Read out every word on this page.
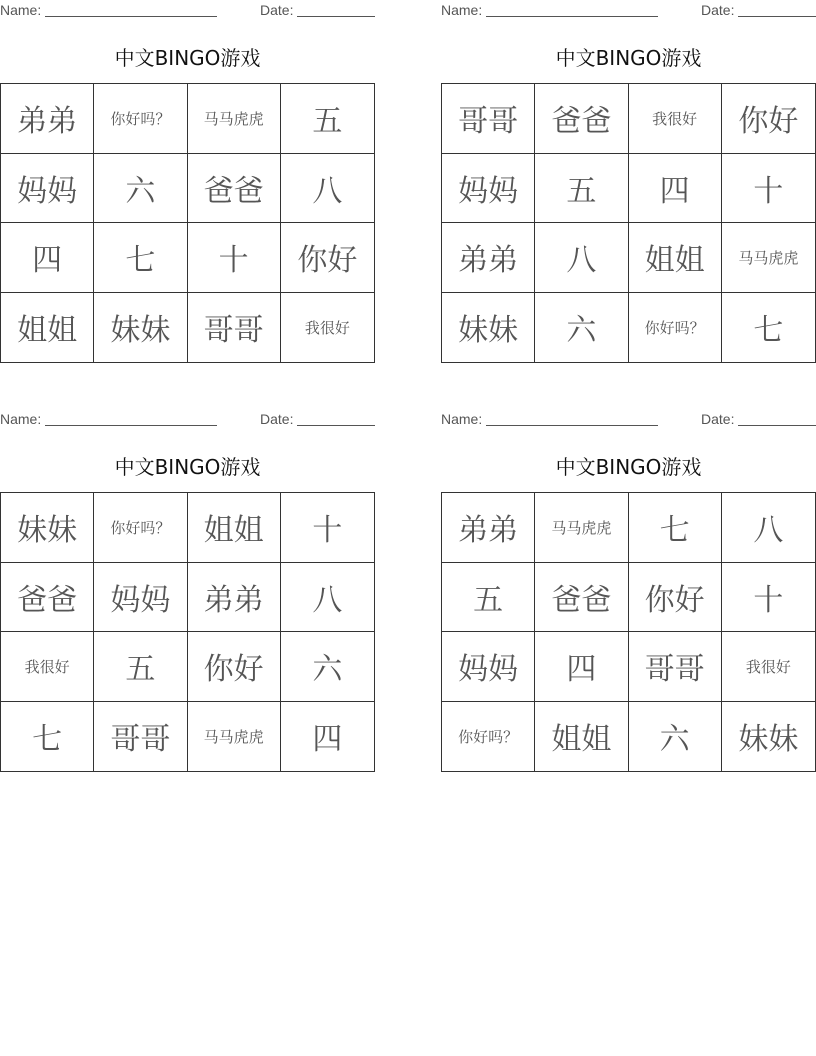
Name:	Date:
中文BINGO游戏
弟弟	你好吗？	马马虎虎	五
妈妈	六	爸爸	八
四	七	十	你好
姐姐	妹妹	哥哥	我很好
Name:	Date:
中文BINGO游戏
哥哥	爸爸	我很好	你好
妈妈	五	四	十
弟弟	八	姐姐	马马虎虎
妹妹	六	你好吗？	七
Name:	Date:
中文BINGO游戏
妹妹	你好吗？	姐姐	十
爸爸	妈妈	弟弟	八
我很好	五	你好	六
七	哥哥	马马虎虎	四
Name:	Date:
中文BINGO游戏
弟弟	马马虎虎	七	八
五	爸爸	你好	十
妈妈	四	哥哥	我很好
你好吗？	姐姐	六	妹妹
